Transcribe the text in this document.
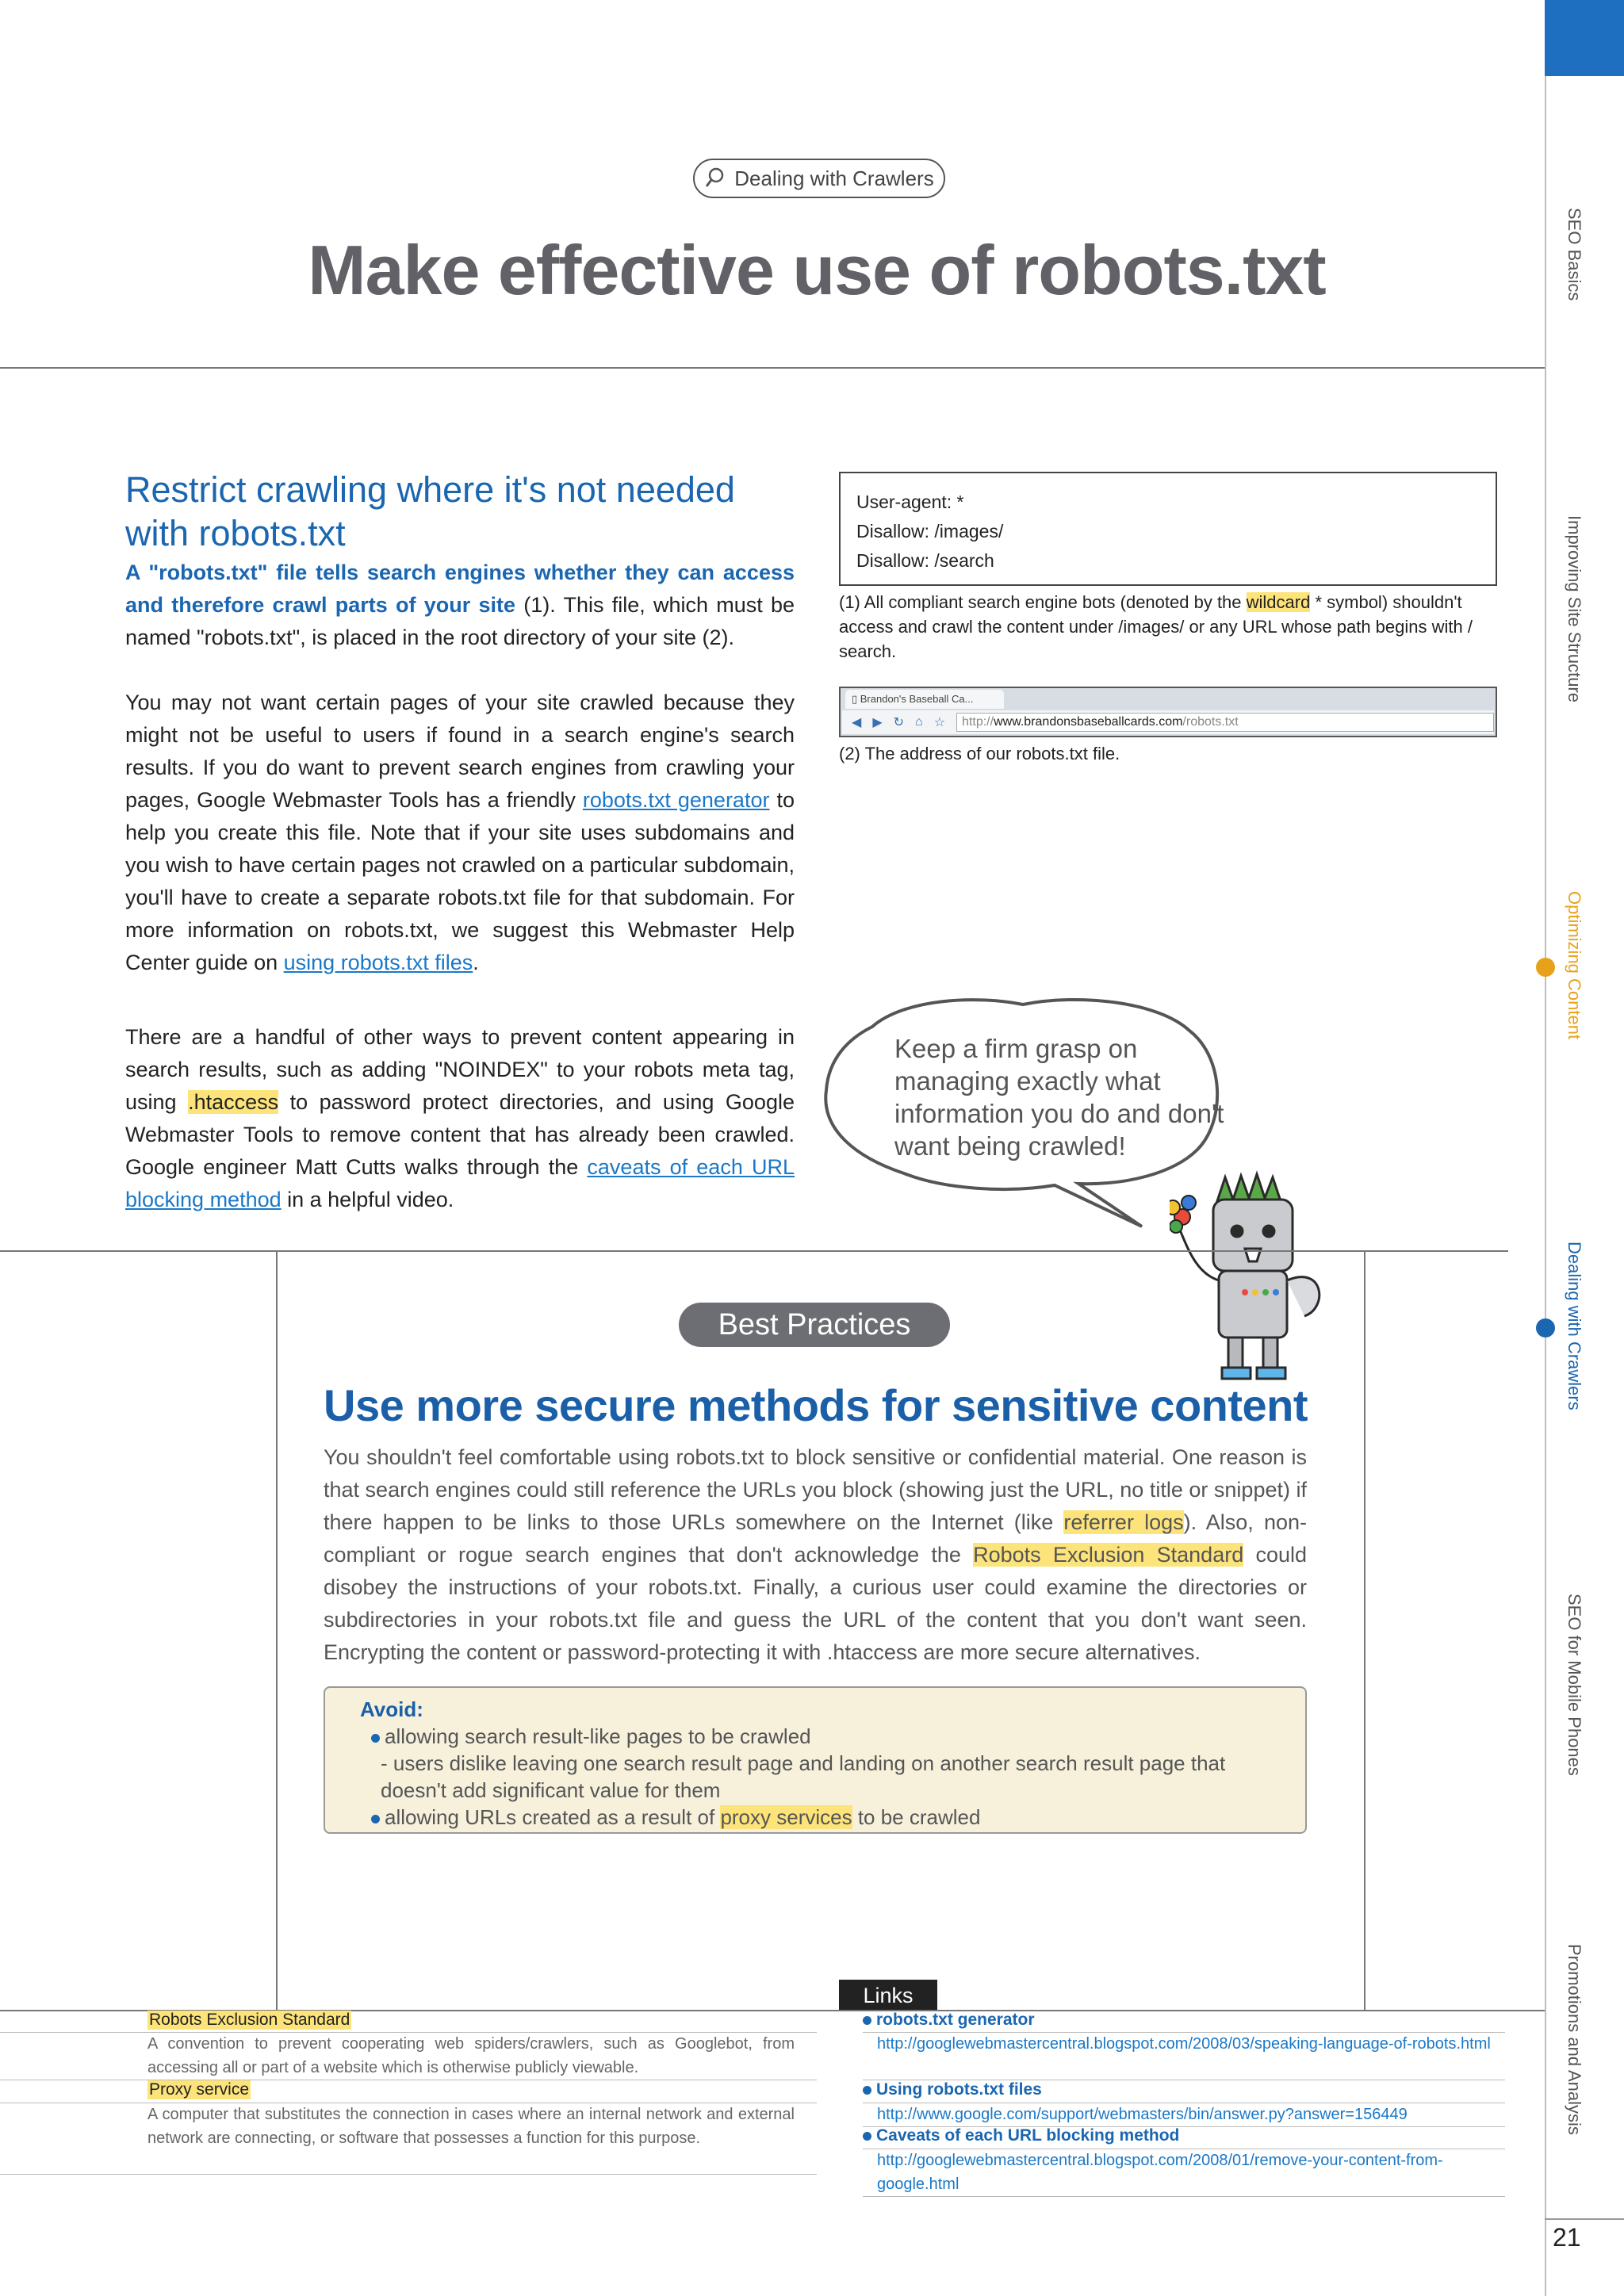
SEO Basics
Improving Site Structure
Optimizing Content
Dealing with Crawlers
SEO for Mobile Phones
Promotions and Analysis
21
Dealing with Crawlers
Make effective use of robots.txt
Restrict crawling where it's not needed with robots.txt
A "robots.txt" file tells search engines whether they can access and therefore crawl parts of your site (1). This file, which must be named "robots.txt", is placed in the root directory of your site (2).
You may not want certain pages of your site crawled because they might not be useful to users if found in a search engine's search results. If you do want to prevent search engines from crawling your pages, Google Webmaster Tools has a friendly robots.txt generator to help you create this file. Note that if your site uses subdomains and you wish to have certain pages not crawled on a particular subdomain, you'll have to create a separate robots.txt file for that subdomain. For more information on robots.txt, we suggest this Webmaster Help Center guide on using robots.txt files.
There are a handful of other ways to prevent content appearing in search results, such as adding "NOINDEX" to your robots meta tag, using .htaccess to password protect directories, and using Google Webmaster Tools to remove content that has already been crawled. Google engineer Matt Cutts walks through the caveats of each URL blocking method in a helpful video.
User-agent: *
Disallow: /images/
Disallow: /search
(1) All compliant search engine bots (denoted by the wildcard * symbol) shouldn't access and crawl the content under /images/ or any URL whose path begins with / search.
▯ Brandon's Baseball Ca...
◀ ▶ ↻ ⌂ ☆	http://www.brandonsbaseballcards.com/robots.txt
(2) The address of our robots.txt file.
Keep a firm grasp on managing exactly what information you do and don't want being crawled!
Best Practices
Use more secure methods for sensitive content
You shouldn't feel comfortable using robots.txt to block sensitive or confidential material. One reason is that search engines could still reference the URLs you block (showing just the URL, no title or snippet) if there happen to be links to those URLs somewhere on the Internet (like referrer logs). Also, non-compliant or rogue search engines that don't acknowledge the Robots Exclusion Standard could disobey the instructions of your robots.txt. Finally, a curious user could examine the directories or subdirectories in your robots.txt file and guess the URL of the content that you don't want seen. Encrypting the content or password-protecting it with .htaccess are more secure alternatives.
Avoid:
allowing search result-like pages to be crawled
- users dislike leaving one search result page and landing on another search result page that doesn't add significant value for them
allowing URLs created as a result of proxy services to be crawled
Links
Robots Exclusion Standard
A convention to prevent cooperating web spiders/crawlers, such as Googlebot, from accessing all or part of a website which is otherwise publicly viewable.
Proxy service
A computer that substitutes the connection in cases where an internal network and external network are connecting, or software that possesses a function for this purpose.
robots.txt generator
http://googlewebmastercentral.blogspot.com/2008/03/speaking-language-of-robots.html
Using robots.txt files
http://www.google.com/support/webmasters/bin/answer.py?answer=156449
Caveats of each URL blocking method
http://googlewebmastercentral.blogspot.com/2008/01/remove-your-content-from-google.html
